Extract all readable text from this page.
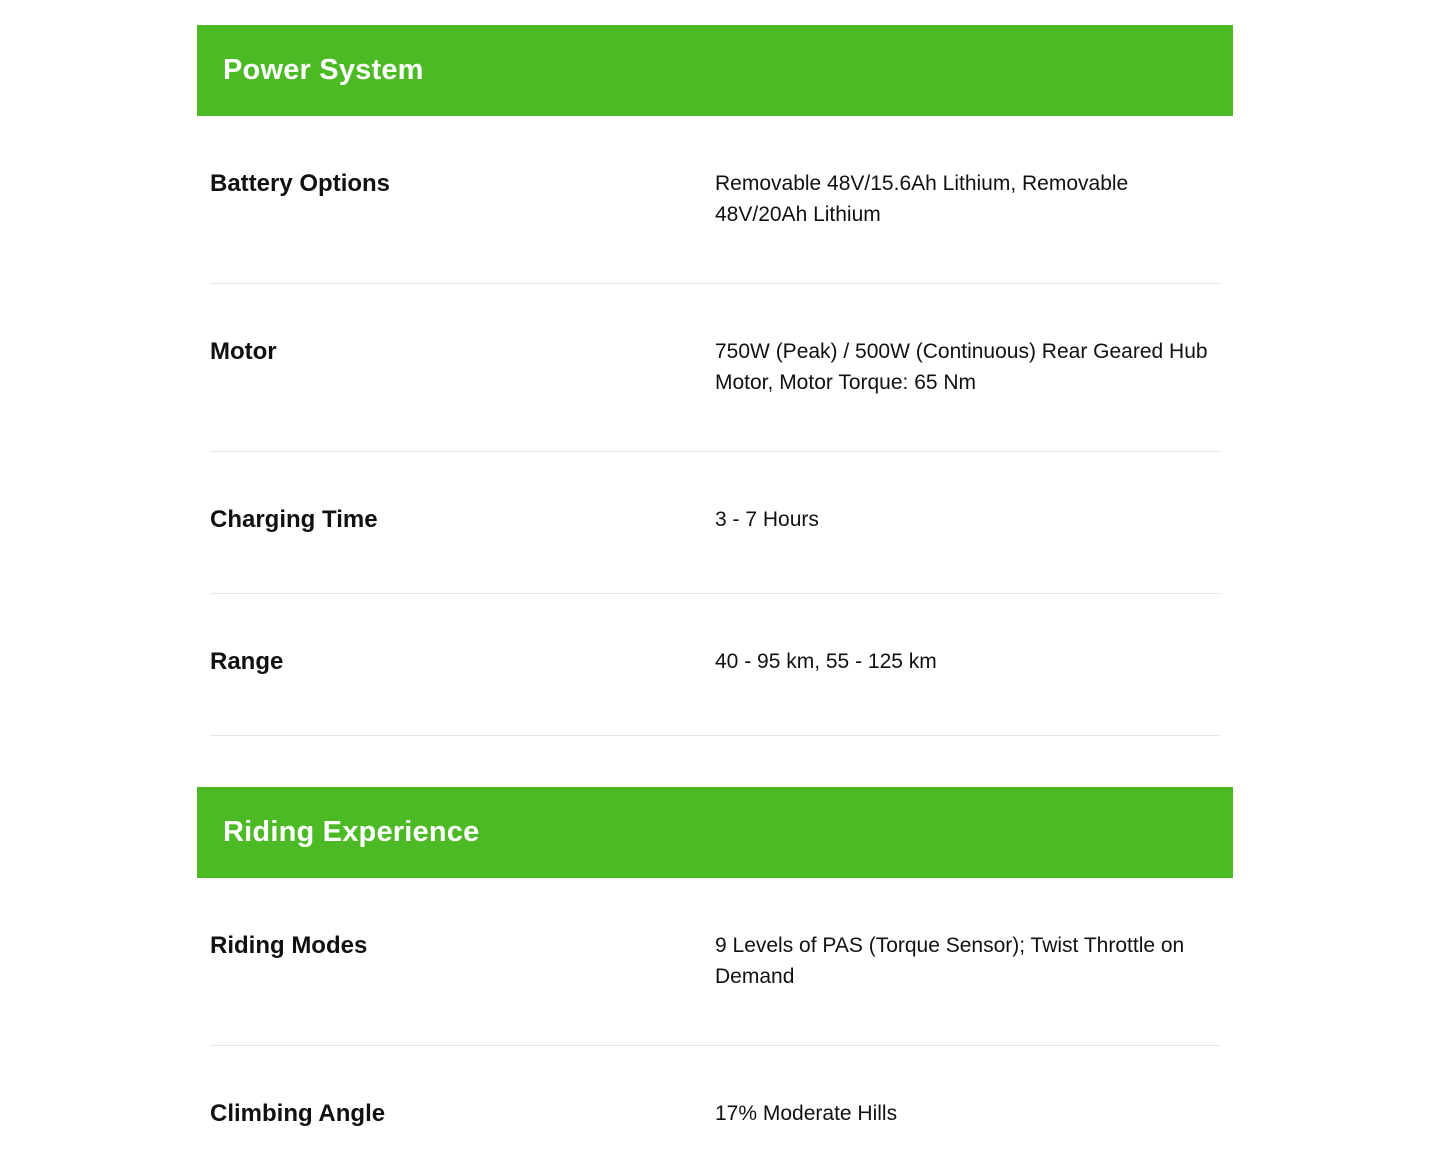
Power System
Battery Options	Removable 48V/15.6Ah Lithium, Removable 48V/20Ah Lithium
Motor	750W (Peak) / 500W (Continuous) Rear Geared Hub Motor, Motor Torque: 65 Nm
Charging Time	3 - 7 Hours
Range	40 - 95 km, 55 - 125 km
Riding Experience
Riding Modes	9 Levels of PAS (Torque Sensor); Twist Throttle on Demand
Climbing Angle	17% Moderate Hills
